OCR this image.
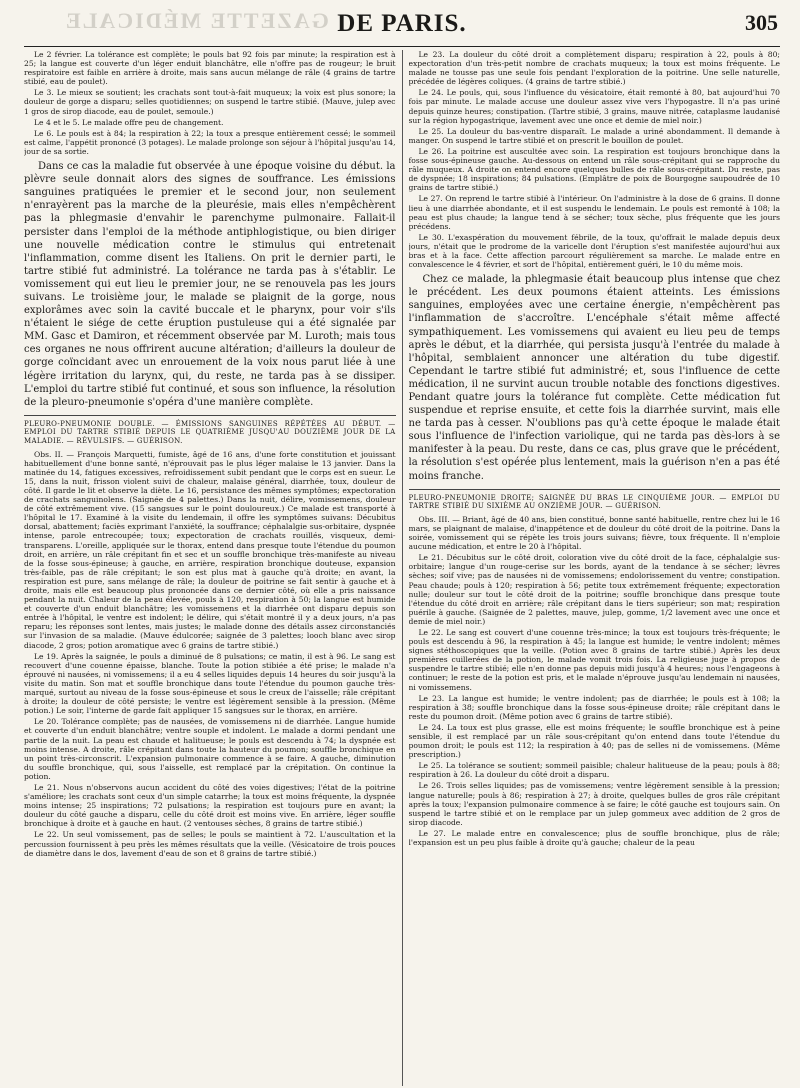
GAZETTE MÉDICALE DE PARIS.	305

Le 2 février. La tolérance est complète; le pouls bat 92 fois par minute; la respiration est à 25; la langue est couverte d'un léger enduit blanchâtre, elle n'offre pas de rougeur; le bruit respiratoire est faible en arrière à droite, mais sans aucun mélange de râle (4 grains de tartre stibié, eau de poulet).

Le 3. Le mieux se soutient; les crachats sont tout-à-fait muqueux; la voix est plus sonore; la douleur de gorge a disparu; selles quotidiennes; on suspend le tartre stibié. (Mauve, julep avec 1 gros de sirop diacode, eau de poulet, semoule.)

Le 4 et le 5. Le malade offre peu de changement.

Le 6. Le pouls est à 84; la respiration à 22; la toux a presque entièrement cessé; le sommeil est calme, l'appétit prononcé (3 potages). Le malade prolonge son séjour à l'hôpital jusqu'au 14, jour de sa sortie.

Dans ce cas la maladie fut observée à une époque voisine du début. la plèvre seule donnait alors des signes de souffrance. Les émissions sanguines pratiquées le premier et le second jour, non seulement n'enrayèrent pas la marche de la pleurésie, mais elles n'empêchèrent pas la phlegmasie d'envahir le parenchyme pulmonaire. Fallait-il persister dans l'emploi de la méthode antiphlogistique, ou bien diriger une nouvelle médication contre le stimulus qui entretenait l'inflammation, comme disent les Italiens. On prit le dernier parti, le tartre stibié fut administré. La tolérance ne tarda pas à s'établir. Le vomissement qui eut lieu le premier jour, ne se renouvela pas les jours suivans. Le troisième jour, le malade se plaignit de la gorge, nous explorâmes avec soin la cavité buccale et le pharynx, pour voir s'ils n'étaient le siége de cette éruption pustuleuse qui a été signalée par MM. Gasc et Damiron, et récemment observée par M. Luroth; mais tous ces organes ne nous offrirent aucune altération; d'ailleurs la douleur de gorge coïncidant avec un enrouement de la voix nous parut liée à une légère irritation du larynx, qui, du reste, ne tarda pas à se dissiper. L'emploi du tartre stibié fut continué, et sous son influence, la résolution de la pleuro-pneumonie s'opéra d'une manière complète.

PLEURO-PNEUMONIE DOUBLE. — ÉMISSIONS SANGUINES RÉPÉTÉES AU DÉBUT. — EMPLOI DU TARTRE STIBIÉ DEPUIS LE QUATRIÈME JUSQU'AU DOUZIÈME JOUR DE LA MALADIE. — RÉVULSIFS. — GUÉRISON.

Obs. II. — François Marquetti, fumiste, âgé de 16 ans, d'une forte constitution et jouissant habituellement d'une bonne santé, n'éprouvait pas le plus léger malaise le 13 janvier. Dans la matinée du 14, fatigues excessives, refroidissement subit pendant que le corps est en sueur. Le 15, dans la nuit, frisson violent suivi de chaleur, malaise général, diarrhée, toux, douleur de côté. Il garde le lit et observe la diète. Le 16, persistance des mêmes symptômes; expectoration de crachats sanguinolens. (Saignée de 4 palettes.) Dans la nuit, délire, vomissemens, douleur de côté extrêmement vive. (15 sangsues sur le point douloureux.) Ce malade est transporté à l'hôpital le 17. Examiné à la visite du lendemain, il offre les symptômes suivans: Décubitus dorsal, abattement; faciès exprimant l'anxiété, la souffrance; céphalalgie sus-orbitaire, dyspnée intense, parole entrecoupée; toux; expectoration de crachats rouillés, visqueux, demi-transparens. L'oreille, appliquée sur le thorax, entend dans presque toute l'étendue du poumon droit, en arrière, un râle crépitant fin et sec et un souffle bronchique très-manifeste au niveau de la fosse sous-épineuse; à gauche, en arrière, respiration bronchique douteuse, expansion très-faible, pas de râle crépitant; le son est plus mat à gauche qu'à droite; en avant, la respiration est pure, sans mélange de râle; la douleur de poitrine se fait sentir à gauche et à droite, mais elle est beaucoup plus prononcée dans ce dernier côté, où elle a pris naissance pendant la nuit. Chaleur de la peau élevée, pouls à 120, respiration à 50; la langue est humide et couverte d'un enduit blanchâtre; les vomissemens et la diarrhée ont disparu depuis son entrée à l'hôpital, le ventre est indolent; le délire, qui s'était montré il y a deux jours, n'a pas reparu; les réponses sont lentes, mais justes; le malade donne des détails assez circonstanciés sur l'invasion de sa maladie. (Mauve édulcorée; saignée de 3 palettes; looch blanc avec sirop diacode, 2 gros; potion aromatique avec 6 grains de tartre stibié.)

Le 19. Après la saignée, le pouls a diminué de 8 pulsations; ce matin, il est à 96. Le sang est recouvert d'une couenne épaisse, blanche. Toute la potion stibiée a été prise; le malade n'a éprouvé ni nausées, ni vomissemens; il a eu 4 selles liquides depuis 14 heures du soir jusqu'à la visite du matin. Son mat et souffle bronchique dans toute l'étendue du poumon gauche très-marqué, surtout au niveau de la fosse sous-épineuse et sous le creux de l'aisselle; râle crépitant à droite; la douleur de côté persiste; le ventre est légèrement sensible à la pression. (Même potion.) Le soir, l'interne de garde fait appliquer 15 sangsues sur le thorax, en arrière.

Le 20. Tolérance complète; pas de nausées, de vomissemens ni de diarrhée. Langue humide et couverte d'un enduit blanchâtre; ventre souple et indolent. Le malade a dormi pendant une partie de la nuit. La peau est chaude et halitueuse; le pouls est descendu à 74; la dyspnée est moins intense. A droite, râle crépitant dans toute la hauteur du poumon; souffle bronchique en un point très-circonscrit. L'expansion pulmonaire commence à se faire. A gauche, diminution du souffle bronchique, qui, sous l'aisselle, est remplacé par la crépitation. On continue la potion.

Le 21. Nous n'observons aucun accident du côté des voies digestives; l'état de la poitrine s'améliore; les crachats sont ceux d'un simple catarrhe; la toux est moins fréquente, la dyspnée moins intense; 25 inspirations; 72 pulsations; la respiration est toujours pure en avant; la douleur du côté gauche a disparu, celle du côté droit est moins vive. En arrière, léger souffle bronchique à droite et à gauche en haut. (2 ventouses sèches, 8 grains de tartre stibié.)

Le 22. Un seul vomissement, pas de selles; le pouls se maintient à 72. L'auscultation et la percussion fournissent à peu près les mêmes résultats que la veille. (Vésicatoire de trois pouces de diamètre dans le dos, lavement d'eau de son et 8 grains de tartre stibié.)

Le 23. La douleur du côté droit a complètement disparu; respiration à 22, pouls à 80; expectoration d'un très-petit nombre de crachats muqueux; la toux est moins fréquente. Le malade ne tousse pas une seule fois pendant l'exploration de la poitrine. Une selle naturelle, précédée de légères coliques. (4 grains de tartre stibié.)

Le 24. Le pouls, qui, sous l'influence du vésicatoire, était remonté à 80, bat aujourd'hui 70 fois par minute. Le malade accuse une douleur assez vive vers l'hypogastre. Il n'a pas uriné depuis quinze heures; constipation. (Tartre stibié, 3 grains, mauve nitrée, cataplasme laudanisé sur la région hypogastrique, lavement avec une once et demie de miel noir.)

Le 25. La douleur du bas-ventre disparaît. Le malade a uriné abondamment. Il demande à manger. On suspend le tartre stibié et on prescrit le bouillon de poulet.

Le 26. La poitrine est auscultée avec soin. La respiration est toujours bronchique dans la fosse sous-épineuse gauche. Au-dessous on entend un râle sous-crépitant qui se rapproche du râle muqueux. A droite on entend encore quelques bulles de râle sous-crépitant. Du reste, pas de dyspnée; 18 inspirations; 84 pulsations. (Emplâtre de poix de Bourgogne saupoudrée de 10 grains de tartre stibié.)

Le 27. On reprend le tartre stibié à l'intérieur. On l'administre à la dose de 6 grains. Il donne lieu à une diarrhée abondante, et il est suspendu le lendemain. Le pouls est remonté à 108; la peau est plus chaude; la langue tend à se sécher; toux sèche, plus fréquente que les jours précédens.

Le 30. L'exaspération du mouvement fébrile, de la toux, qu'offrait le malade depuis deux jours, n'était que le prodrome de la varicelle dont l'éruption s'est manifestée aujourd'hui aux bras et à la face. Cette affection parcourt régulièrement sa marche. Le malade entre en convalescence le 4 février, et sort de l'hôpital, entièrement guéri, le 10 du même mois.

Chez ce malade, la phlegmasie était beaucoup plus intense que chez le précédent. Les deux poumons étaient atteints. Les émissions sanguines, employées avec une certaine énergie, n'empêchèrent pas l'inflammation de s'accroître. L'encéphale s'était même affecté sympathiquement. Les vomissemens qui avaient eu lieu peu de temps après le début, et la diarrhée, qui persista jusqu'à l'entrée du malade à l'hôpital, semblaient annoncer une altération du tube digestif. Cependant le tartre stibié fut administré; et, sous l'influence de cette médication, il ne survint aucun trouble notable des fonctions digestives. Pendant quatre jours la tolérance fut complète. Cette médication fut suspendue et reprise ensuite, et cette fois la diarrhée survint, mais elle ne tarda pas à cesser. N'oublions pas qu'à cette époque le malade était sous l'influence de l'infection variolique, qui ne tarda pas dès-lors à se manifester à la peau. Du reste, dans ce cas, plus grave que le précédent, la résolution s'est opérée plus lentement, mais la guérison n'en a pas été moins franche.

PLEURO-PNEUMONIE DROITE; SAIGNÉE DU BRAS LE CINQUIÈME JOUR. — EMPLOI DU TARTRE STIBIÉ DU SIXIÈME AU ONZIÈME JOUR. — GUÉRISON.

Obs. III. — Briant, âgé de 40 ans, bien constitué, bonne santé habituelle, rentre chez lui le 16 mars, se plaignant de malaise, d'inappétence et de douleur du côté droit de la poitrine. Dans la soirée, vomissement qui se répète les trois jours suivans; fièvre, toux fréquente. Il n'emploie aucune médication, et entre le 20 à l'hôpital.

Le 21. Décubitus sur le côté droit, coloration vive du côté droit de la face, céphalalgie sus-orbitaire; langue d'un rouge-cerise sur les bords, ayant de la tendance à se sécher; lèvres sèches; soif vive; pas de nausées ni de vomissemens; endolorissement du ventre; constipation. Peau chaude; pouls à 120; respiration à 56; petite toux extrêmement fréquente; expectoration nulle; douleur sur tout le côté droit de la poitrine; souffle bronchique dans presque toute l'étendue du côté droit en arrière; râle crépitant dans le tiers supérieur; son mat; respiration puérile à gauche. (Saignée de 2 palettes, mauve, julep, gomme, 1/2 lavement avec une once et demie de miel noir.)

Le 22. Le sang est couvert d'une couenne très-mince; la toux est toujours très-fréquente; le pouls est descendu à 96, la respiration à 45; la langue est humide; le ventre indolent; mêmes signes stéthoscopiques que la veille. (Potion avec 8 grains de tartre stibié.) Après les deux premières cuillerées de la potion, le malade vomit trois fois. La religieuse juge à propos de suspendre le tartre stibié; elle n'en donne pas depuis midi jusqu'à 4 heures; nous l'engageons à continuer; le reste de la potion est pris, et le malade n'éprouve jusqu'au lendemain ni nausées, ni vomissemens.

Le 23. La langue est humide; le ventre indolent; pas de diarrhée; le pouls est à 108; la respiration à 38; souffle bronchique dans la fosse sous-épineuse droite; râle crépitant dans le reste du poumon droit. (Même potion avec 6 grains de tartre stibié).

Le 24. La toux est plus grasse, elle est moins fréquente; le souffle bronchique est à peine sensible, il est remplacé par un râle sous-crépitant qu'on entend dans toute l'étendue du poumon droit; le pouls est 112; la respiration à 40; pas de selles ni de vomissemens. (Même prescription.)

Le 25. La tolérance se soutient; sommeil paisible; chaleur halitueuse de la peau; pouls à 88; respiration à 26. La douleur du côté droit a disparu.

Le 26. Trois selles liquides; pas de vomissemens; ventre légèrement sensible à la pression; langue naturelle; pouls à 86; respiration à 27; à droite, quelques bulles de gros râle crépitant après la toux; l'expansion pulmonaire commence à se faire; le côté gauche est toujours sain. On suspend le tartre stibié et on le remplace par un julep gommeux avec addition de 2 gros de sirop diacode.

Le 27. Le malade entre en convalescence; plus de souffle bronchique, plus de râle; l'expansion est un peu plus faible à droite qu'à gauche; chaleur de la peau
